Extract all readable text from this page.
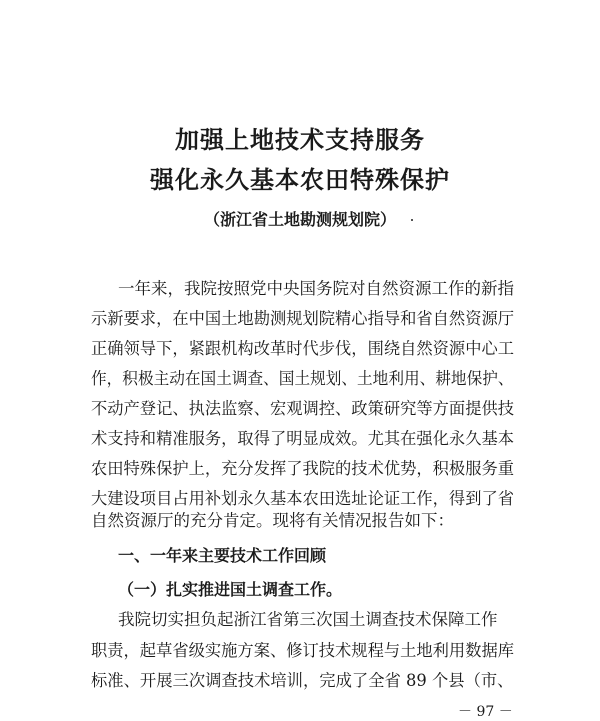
加强上地技术支持服务
强化永久基本农田特殊保护
（浙江省土地勘测规划院）
一年来，我院按照党中央国务院对自然资源工作的新指
示新要求，在中国土地勘测规划院精心指导和省自然资源厅
正确领导下，紧跟机构改革时代步伐，围绕自然资源中心工
作，积极主动在国土调查、国土规划、土地利用、耕地保护、
不动产登记、执法监察、宏观调控、政策研究等方面提供技
术支持和精准服务，取得了明显成效。尤其在强化永久基本
农田特殊保护上，充分发挥了我院的技术优势，积极服务重
大建设项目占用补划永久基本农田选址论证工作，得到了省
自然资源厅的充分肯定。现将有关情况报告如下：
一、一年来主要技术工作回顾
（一）扎实推进国土调查工作。
我院切实担负起浙江省第三次国土调查技术保障工作
职责，起草省级实施方案、修订技术规程与土地利用数据库
标准、开展三次调查技术培训，完成了全省 89 个县（市、
－ 97 －
